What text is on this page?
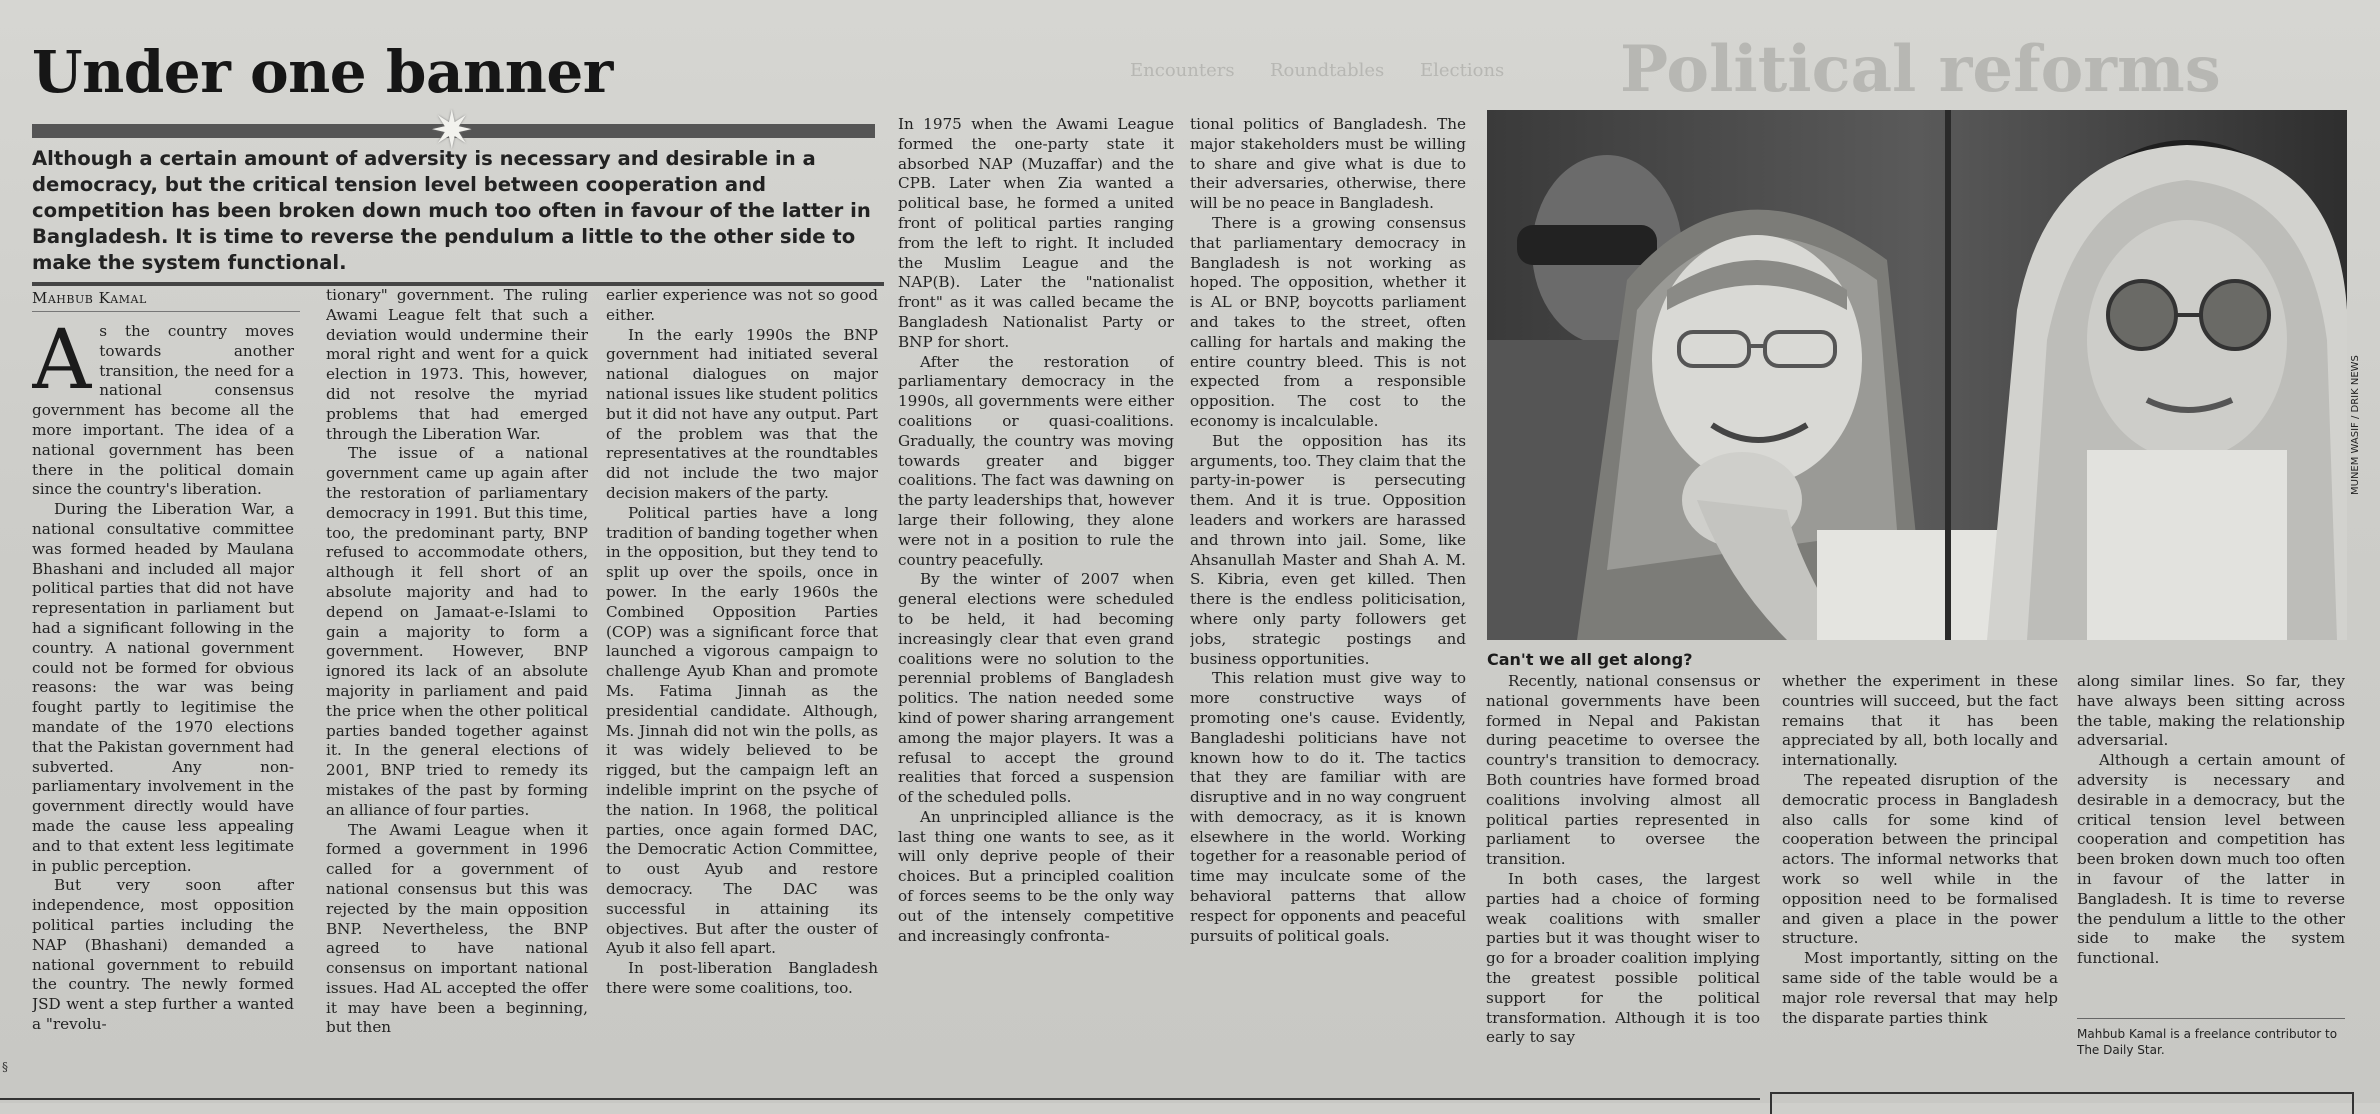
Political reforms
Encounters Roundtables Elections
Under one banner
✷
Although a certain amount of adversity is necessary and desirable in a democracy, but the critical tension level between cooperation and competition has been broken down much too often in favour of the latter in Bangladesh. It is time to reverse the pendulum a little to the other side to make the system functional.
Mahbub Kamal
A s the country moves towards another transition, the need for a national consensus government has become all the more important. The idea of a national government has been there in the political domain since the country's liberation.

During the Liberation War, a national consultative committee was formed headed by Maulana Bhashani and included all major political parties that did not have representation in parliament but had a significant following in the country. A national government could not be formed for obvious reasons: the war was being fought partly to legitimise the mandate of the 1970 elections that the Pakistan government had subverted. Any non-parliamentary involvement in the government directly would have made the cause less appealing and to that extent less legitimate in public perception.

But very soon after independence, most opposition political parties including the NAP (Bhashani) demanded a national government to rebuild the country. The newly formed JSD went a step further a wanted a "revolu-

tionary" government. The ruling Awami League felt that such a deviation would undermine their moral right and went for a quick election in 1973. This, however, did not resolve the myriad problems that had emerged through the Liberation War.

The issue of a national government came up again after the restoration of parliamentary democracy in 1991. But this time, too, the predominant party, BNP refused to accommodate others, although it fell short of an absolute majority and had to depend on Jamaat-e-Islami to gain a majority to form a government. However, BNP ignored its lack of an absolute majority in parliament and paid the price when the other political parties banded together against it. In the general elections of 2001, BNP tried to remedy its mistakes of the past by forming an alliance of four parties.

The Awami League when it formed a government in 1996 called for a government of national consensus but this was rejected by the main opposition BNP. Nevertheless, the BNP agreed to have national consensus on important national issues. Had AL accepted the offer it may have been a beginning, but then

earlier experience was not so good either.

In the early 1990s the BNP government had initiated several national dialogues on major national issues like student politics but it did not have any output. Part of the problem was that the representatives at the roundtables did not include the two major decision makers of the party.

Political parties have a long tradition of banding together when in the opposition, but they tend to split up over the spoils, once in power. In the early 1960s the Combined Opposition Parties (COP) was a significant force that launched a vigorous campaign to challenge Ayub Khan and promote Ms. Fatima Jinnah as the presidential candidate. Although, Ms. Jinnah did not win the polls, as it was widely believed to be rigged, but the campaign left an indelible imprint on the psyche of the nation. In 1968, the political parties, once again formed DAC, the Democratic Action Committee, to oust Ayub and restore democracy. The DAC was successful in attaining its objectives. But after the ouster of Ayub it also fell apart.

In post-liberation Bangladesh there were some coalitions, too.

In 1975 when the Awami League formed the one-party state it absorbed NAP (Muzaffar) and the CPB. Later when Zia wanted a political base, he formed a united front of political parties ranging from the left to right. It included the Muslim League and the NAP(B). Later the "nationalist front" as it was called became the Bangladesh Nationalist Party or BNP for short.

After the restoration of parliamentary democracy in the 1990s, all governments were either coalitions or quasi-coalitions. Gradually, the country was moving towards greater and bigger coalitions. The fact was dawning on the party leaderships that, however large their following, they alone were not in a position to rule the country peacefully.

By the winter of 2007 when general elections were scheduled to be held, it had becoming increasingly clear that even grand coalitions were no solution to the perennial problems of Bangladesh politics. The nation needed some kind of power sharing arrangement among the major players. It was a refusal to accept the ground realities that forced a suspension of the scheduled polls.

An unprincipled alliance is the last thing one wants to see, as it will only deprive people of their choices. But a principled coalition of forces seems to be the only way out of the intensely competitive and increasingly confronta-

tional politics of Bangladesh. The major stakeholders must be willing to share and give what is due to their adversaries, otherwise, there will be no peace in Bangladesh.

There is a growing consensus that parliamentary democracy in Bangladesh is not working as hoped. The opposition, whether it is AL or BNP, boycotts parliament and takes to the street, often calling for hartals and making the entire country bleed. This is not expected from a responsible opposition. The cost to the economy is incalculable.

But the opposition has its arguments, too. They claim that the party-in-power is persecuting them. And it is true. Opposition leaders and workers are harassed and thrown into jail. Some, like Ahsanullah Master and Shah A. M. S. Kibria, even get killed. Then there is the endless politicisation, where only party followers get jobs, strategic postings and business opportunities.

This relation must give way to more constructive ways of promoting one's cause. Evidently, Bangladeshi politicians have not known how to do it. The tactics that they are familiar with are disruptive and in no way congruent with democracy, as it is known elsewhere in the world. Working together for a reasonable period of time may inculcate some of the behavioral patterns that allow respect for opponents and peaceful pursuits of political goals.

MUNEM WASIF / DRIK NEWS
Can't we all get along?

Recently, national consensus or national governments have been formed in Nepal and Pakistan during peacetime to oversee the country's transition to democracy. Both countries have formed broad coalitions involving almost all political parties represented in parliament to oversee the transition.

In both cases, the largest parties had a choice of forming weak coalitions with smaller parties but it was thought wiser to go for a broader coalition implying the greatest possible political support for the political transformation. Although it is too early to say

whether the experiment in these countries will succeed, but the fact remains that it has been appreciated by all, both locally and internationally.

The repeated disruption of the democratic process in Bangladesh also calls for some kind of cooperation between the principal actors. The informal networks that work so well while in the opposition need to be formalised and given a place in the power structure.

Most importantly, sitting on the same side of the table would be a major role reversal that may help the disparate parties think

along similar lines. So far, they have always been sitting across the table, making the relationship adversarial.

Although a certain amount of adversity is necessary and desirable in a democracy, but the critical tension level between cooperation and competition has been broken down much too often in favour of the latter in Bangladesh. It is time to reverse the pendulum a little to the other side to make the system functional.

Mahbub Kamal is a freelance contributor to The Daily Star.
§
